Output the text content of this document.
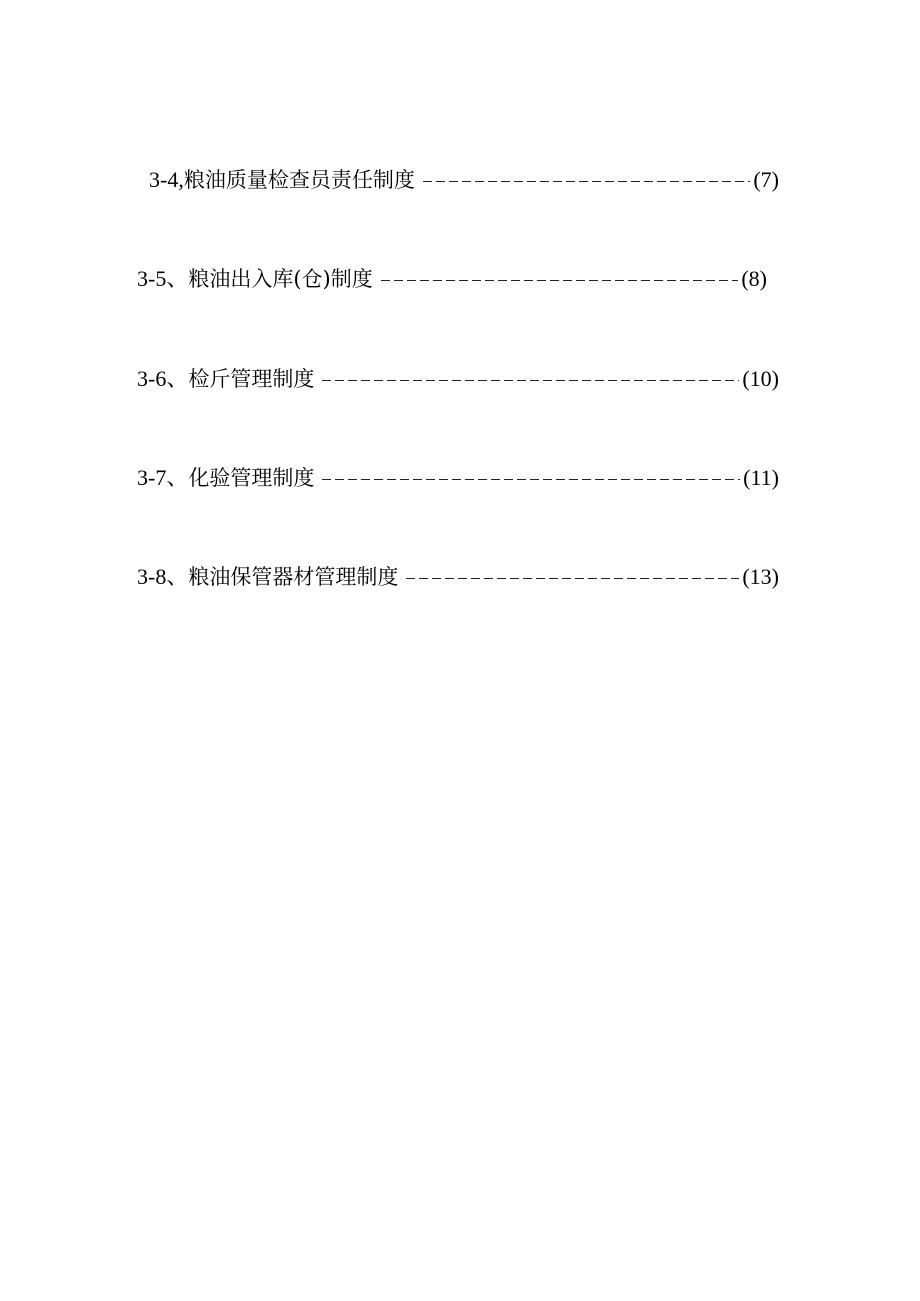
3-4,粮油质量检查员责任制度	(7)
3-5、粮油出入库(仓)制度	(8)
3-6、检斤管理制度	(10)
3-7、化验管理制度	(11)
3-8、粮油保管器材管理制度	(13)
